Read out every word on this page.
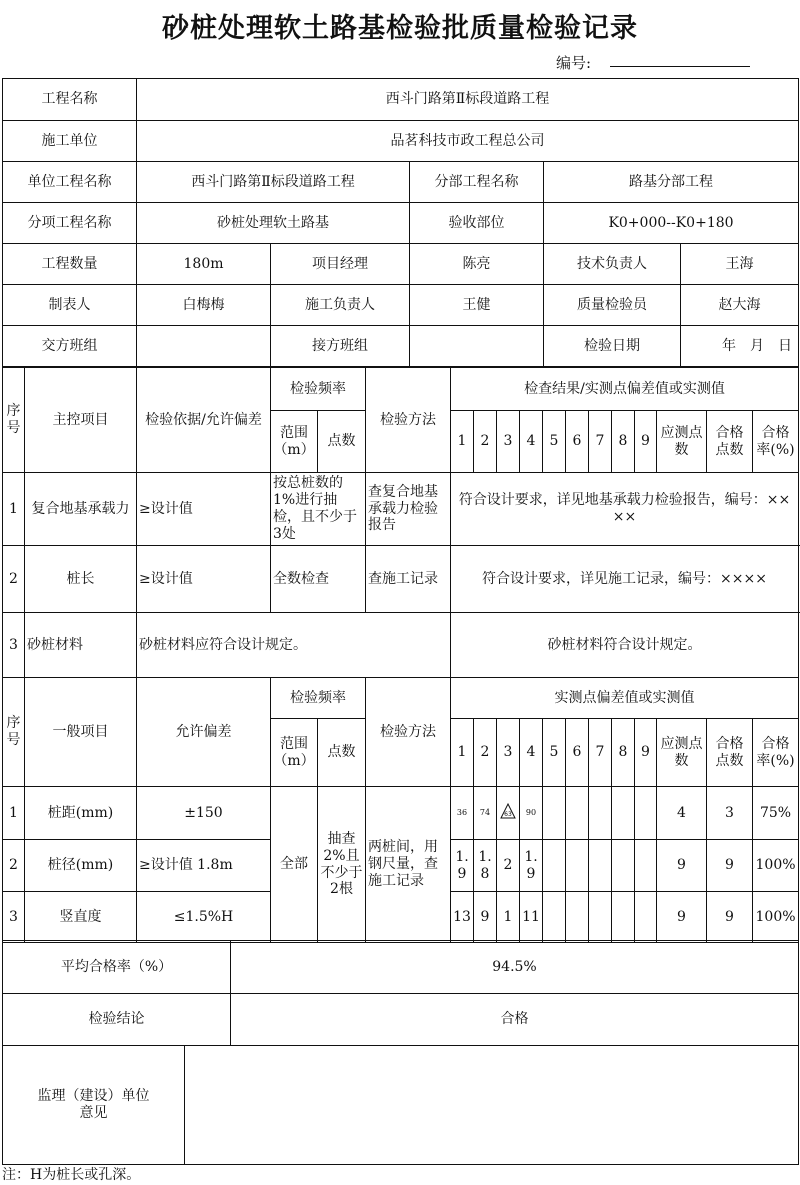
砂桩处理软土路基检验批质量检验记录
编号:
工程名称	西斗门路第Ⅱ标段道路工程				
施工单位	品茗科技市政工程总公司				
单位工程名称	西斗门路第Ⅱ标段道路工程		分部工程名称	路基分部工程	
分项工程名称	砂桩处理软土路基		验收部位	K0+000--K0+180	
工程数量	180m	项目经理	陈亮	技术负责人	王海
制表人	白梅梅	施工负责人	王健	质量检验员	赵大海
交方班组		接方班组		检验日期	年　月　日
序号	主控项目	检验依据/允许偏差	检验频率		检验方法	检查结果/实测点偏差值或实测值												
			范围（m）	点数		1	2	3	4	5	6	7	8	9	应测点数	合格点数	合格率(%)	
1	复合地基承载力	≥设计值	按总桩数的1%进行抽检，且不少于3处		查复合地基承载力检验报告	符合设计要求，详见地基承载力检验报告，编号：××××	
2	桩长	≥设计值	全数检查		查施工记录	符合设计要求，详见施工记录，编号：××××	
3	砂桩材料	砂桩材料应符合设计规定。				砂桩材料符合设计规定。	
序号	一般项目	允许偏差	检验频率		检验方法	实测点偏差值或实测值												
			范围（m）	点数		1	2	3	4	5	6	7	8	9	应测点数	合格点数	合格率(%)	
1	桩距(mm)	±150	全部	抽查2%且不少于2根	两桩间，用钢尺量，查施工记录	36	74	63	90						4	3	75%	
2	桩径(mm)	≥设计值 1.8m				1.9	1.8	2	1.9						9	9	100%	
3	竖直度	≤1.5%H				13	9	1	11						9	9	100%	
平均合格率（%）		94.5%
检验结论		合格
监理（建设）单位意见		
注：H为桩长或孔深。
